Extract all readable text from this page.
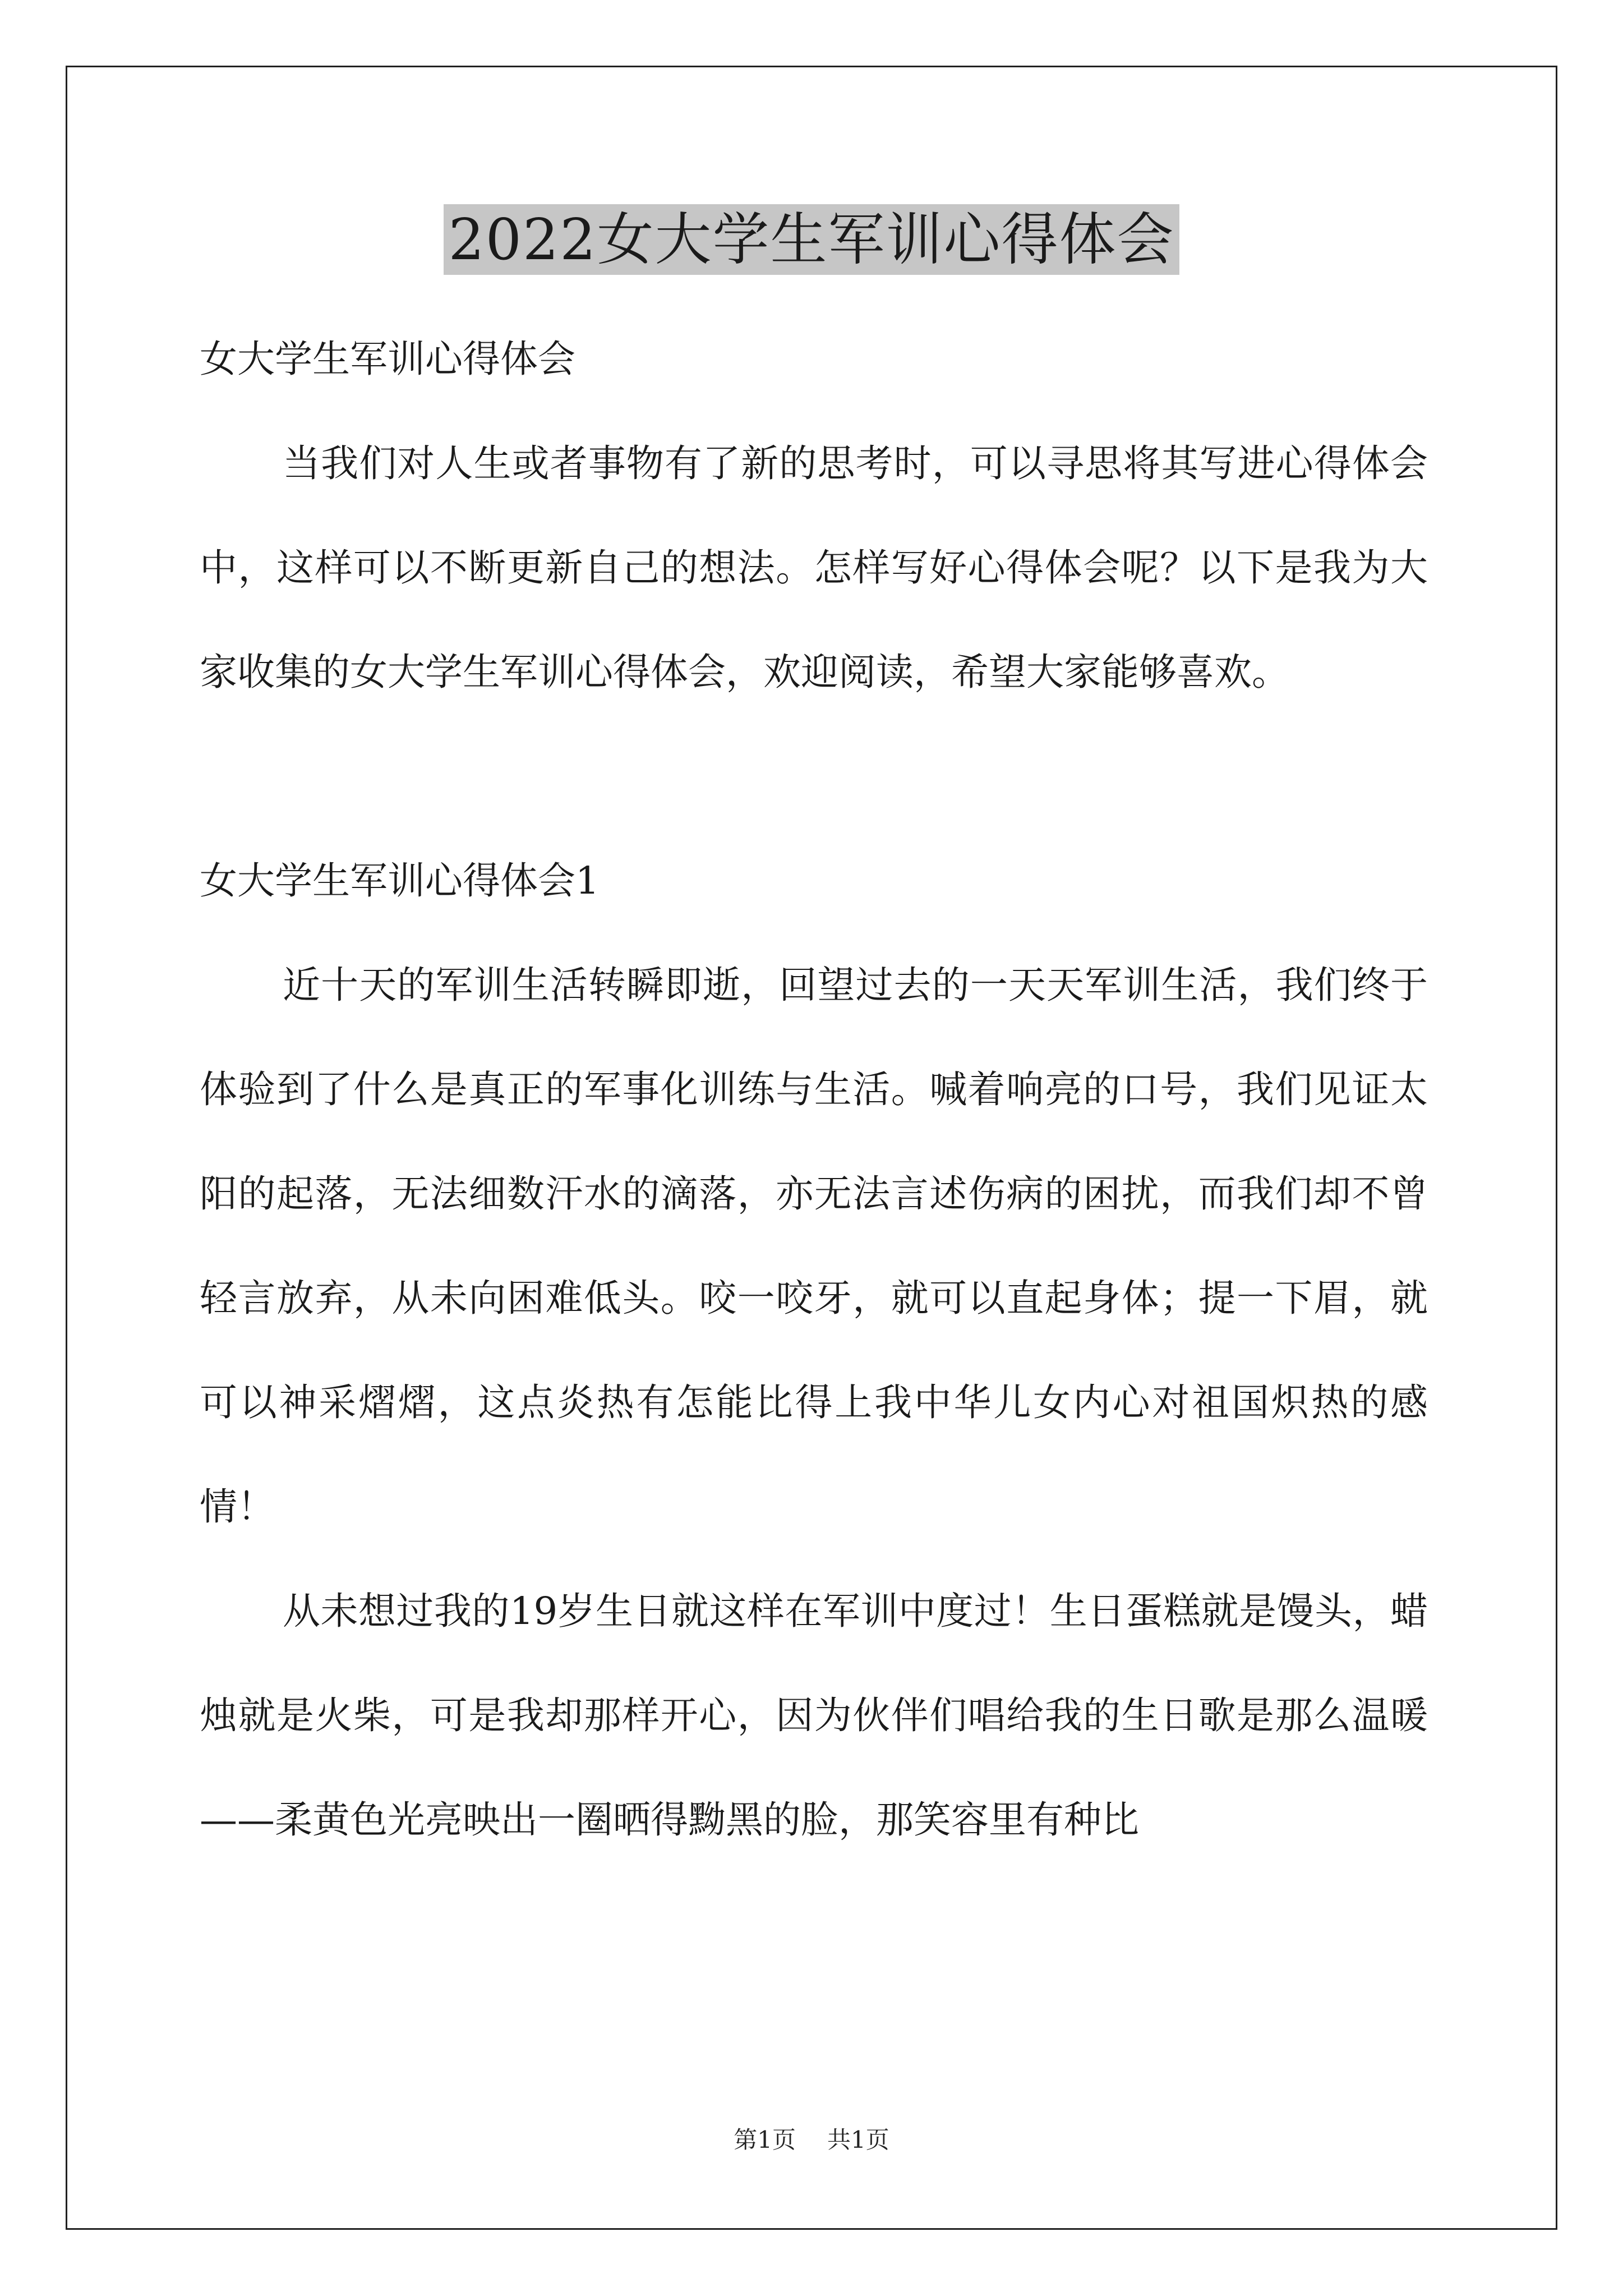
2022女大学生军训心得体会

女大学生军训心得体会

当我们对人生或者事物有了新的思考时，可以寻思将其写进心得体会中，这样可以不断更新自己的想法。怎样写好心得体会呢？以下是我为大家收集的女大学生军训心得体会，欢迎阅读，希望大家能够喜欢。

女大学生军训心得体会1

近十天的军训生活转瞬即逝，回望过去的一天天军训生活，我们终于体验到了什么是真正的军事化训练与生活。喊着响亮的口号，我们见证太阳的起落，无法细数汗水的滴落，亦无法言述伤病的困扰，而我们却不曾轻言放弃，从未向困难低头。咬一咬牙，就可以直起身体；提一下眉，就可以神采熠熠，这点炎热有怎能比得上我中华儿女内心对祖国炽热的感情！

从未想过我的19岁生日就这样在军训中度过！生日蛋糕就是馒头，蜡烛就是火柴，可是我却那样开心，因为伙伴们唱给我的生日歌是那么温暖——柔黄色光亮映出一圈晒得黝黑的脸，那笑容里有种比

第1页 共1页
